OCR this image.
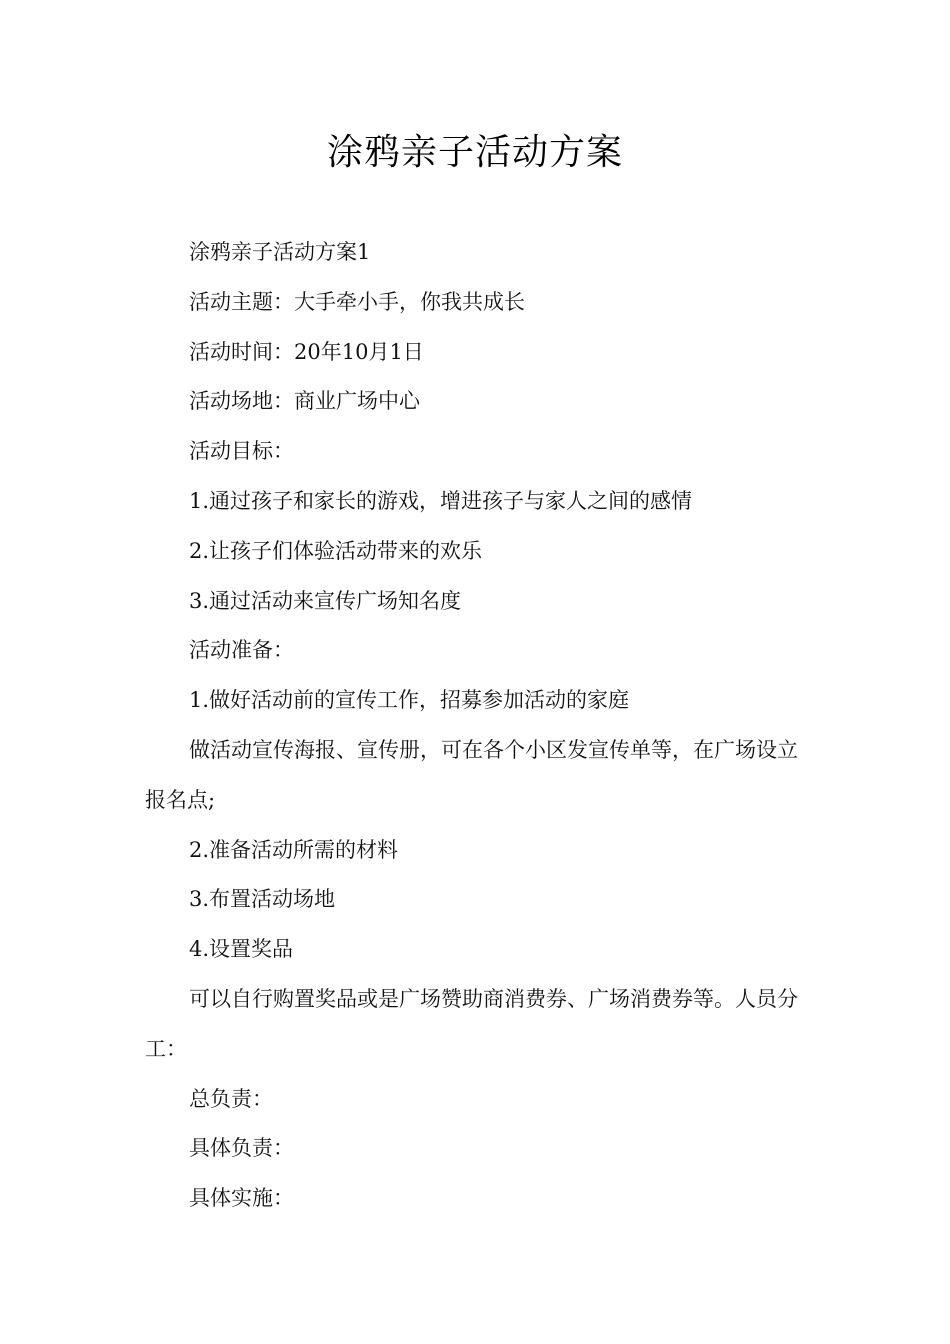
涂鸦亲子活动方案

涂鸦亲子活动方案1

活动主题：大手牵小手，你我共成长

活动时间：20年10月1日

活动场地：商业广场中心

活动目标：

1.通过孩子和家长的游戏，增进孩子与家人之间的感情

2.让孩子们体验活动带来的欢乐

3.通过活动来宣传广场知名度

活动准备：

1.做好活动前的宣传工作，招募参加活动的家庭

做活动宣传海报、宣传册，可在各个小区发宣传单等，在广场设立报名点;

2.准备活动所需的材料

3.布置活动场地

4.设置奖品

可以自行购置奖品或是广场赞助商消费券、广场消费券等。人员分工：

总负责：

具体负责：

具体实施：
